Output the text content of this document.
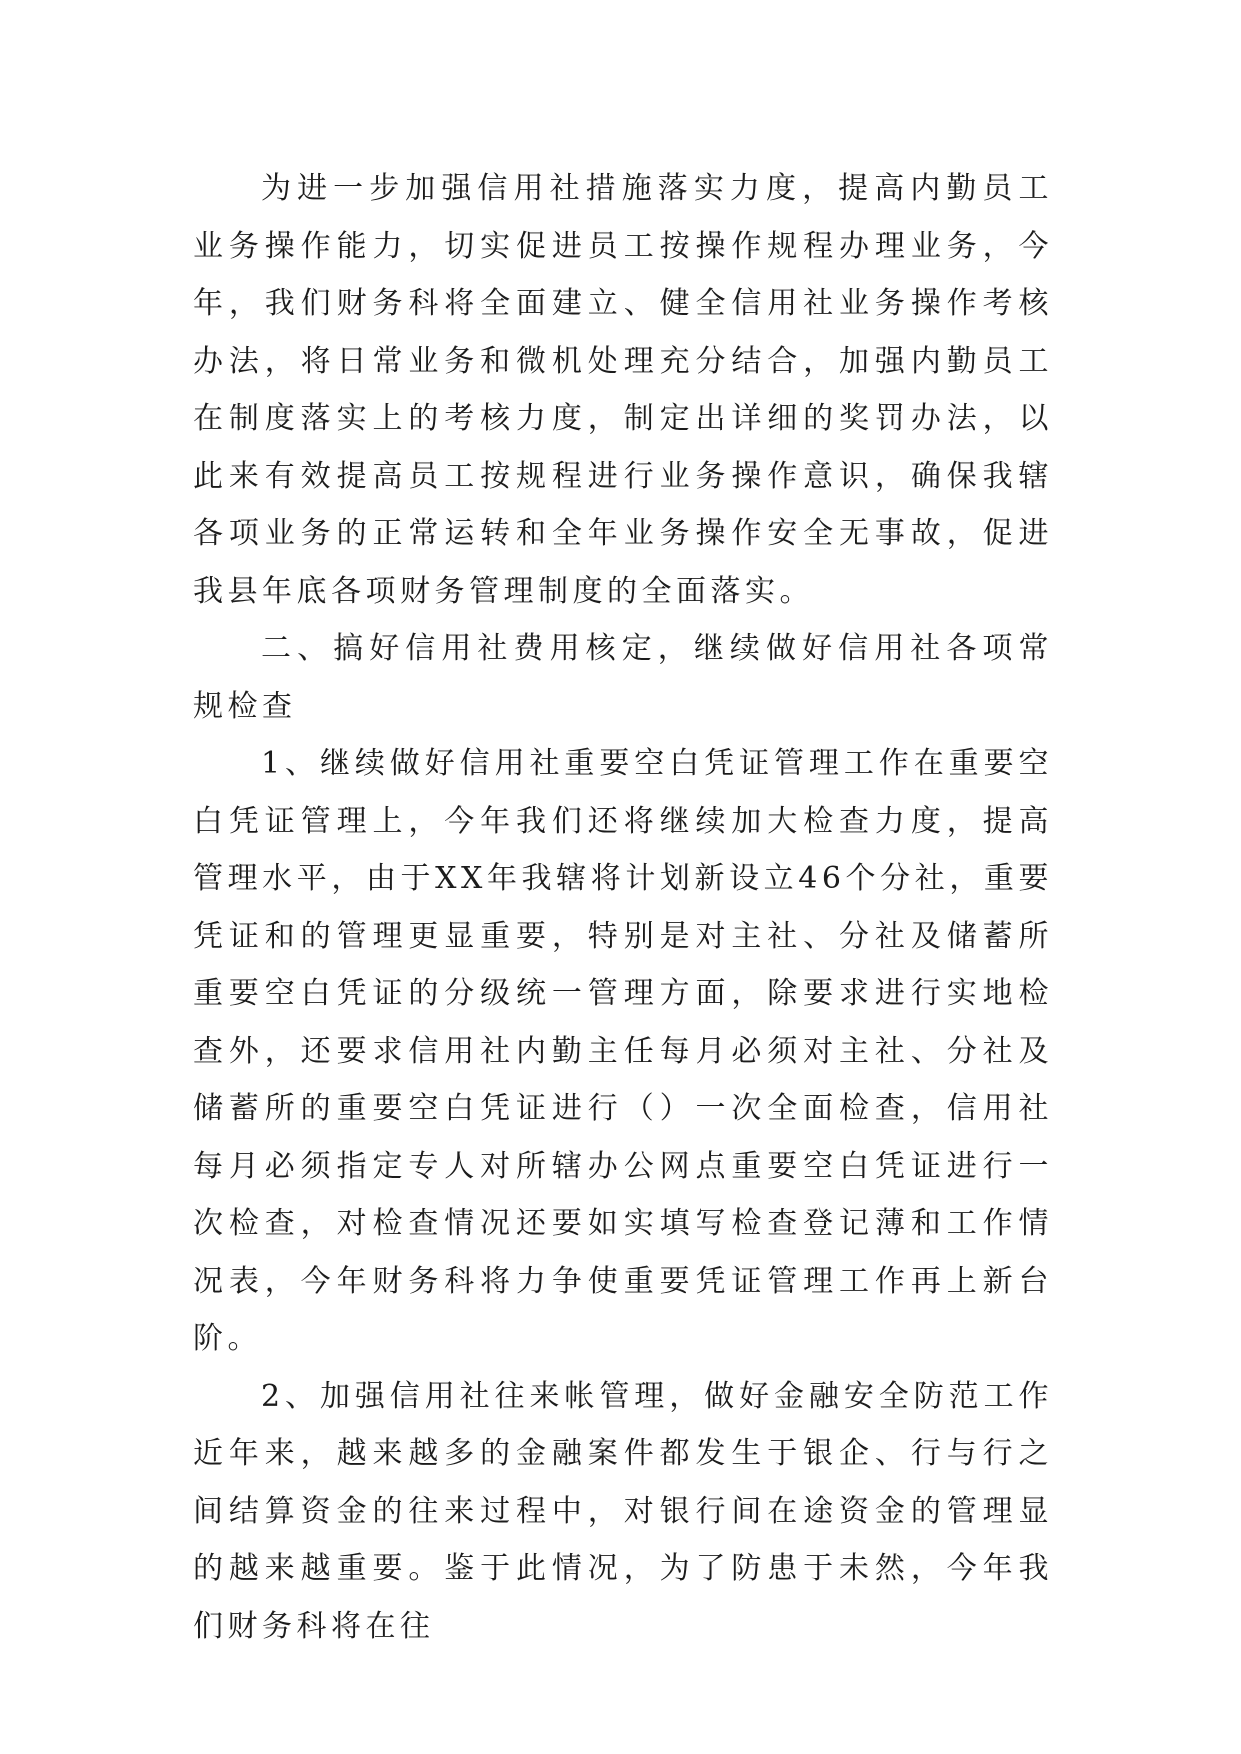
为进一步加强信用社措施落实力度，提高内勤员工业务操作能力，切实促进员工按操作规程办理业务，今年，我们财务科将全面建立、健全信用社业务操作考核办法，将日常业务和微机处理充分结合，加强内勤员工在制度落实上的考核力度，制定出详细的奖罚办法，以此来有效提高员工按规程进行业务操作意识，确保我辖各项业务的正常运转和全年业务操作安全无事故，促进我县年底各项财务管理制度的全面落实。

二、搞好信用社费用核定，继续做好信用社各项常规检查

1、继续做好信用社重要空白凭证管理工作在重要空白凭证管理上，今年我们还将继续加大检查力度，提高管理水平，由于XX年我辖将计划新设立46个分社，重要凭证和的管理更显重要，特别是对主社、分社及储蓄所重要空白凭证的分级统一管理方面，除要求进行实地检查外，还要求信用社内勤主任每月必须对主社、分社及储蓄所的重要空白凭证进行（）一次全面检查，信用社每月必须指定专人对所辖办公网点重要空白凭证进行一次检查，对检查情况还要如实填写检查登记薄和工作情况表，今年财务科将力争使重要凭证管理工作再上新台阶。

2、加强信用社往来帐管理，做好金融安全防范工作近年来，越来越多的金融案件都发生于银企、行与行之间结算资金的往来过程中，对银行间在途资金的管理显的越来越重要。鉴于此情况，为了防患于未然，今年我们财务科将在往
